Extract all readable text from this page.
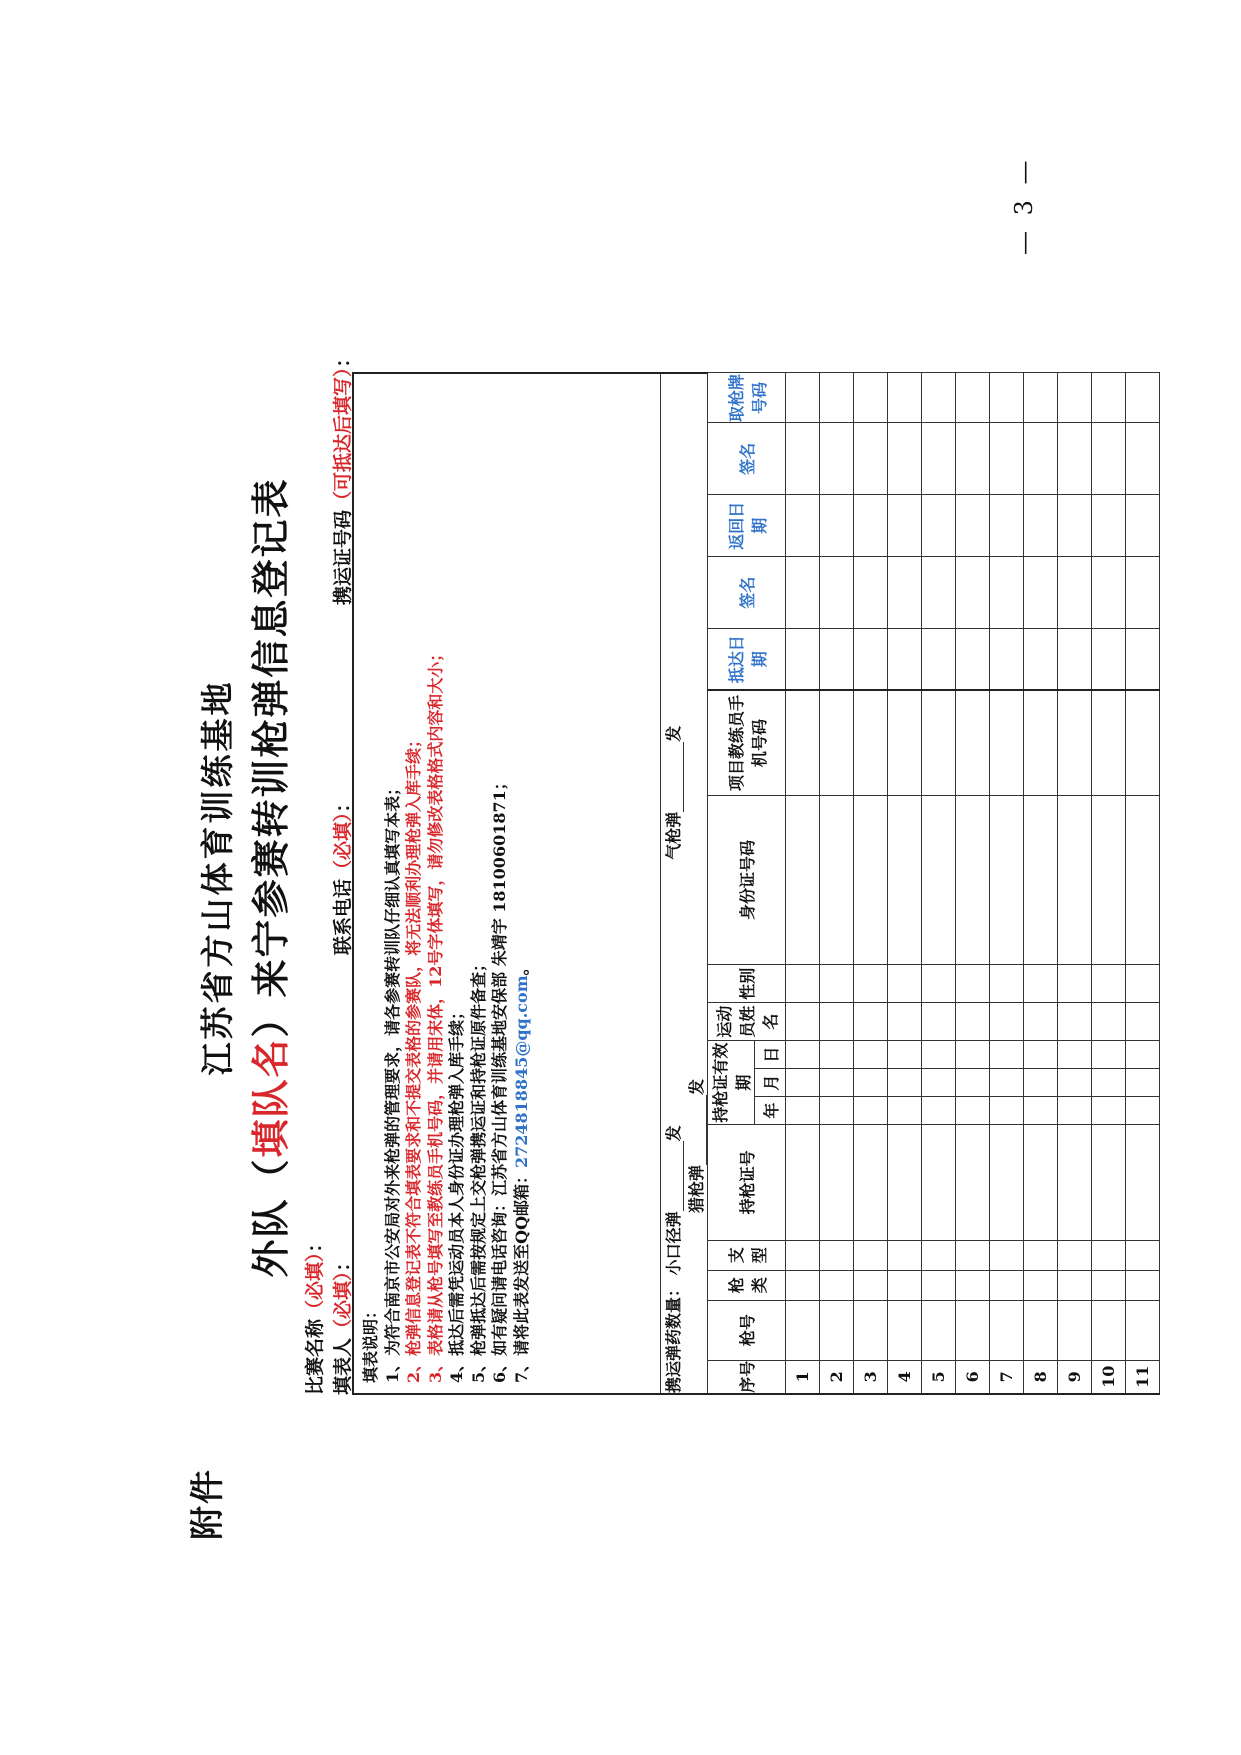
附件
江苏省方山体育训练基地
外队（填队名）来宁参赛转训枪弹信息登记表
比赛名称（必填）：
填表人（必填）：
联系电话（必填）：
携运证号码（可抵达后填写）：
填表说明： 1、为符合南京市公安局对外来枪弹的管理要求，请各参赛转训队仔细认真填写本表； 2、枪弹信息登记表不符合填表要求和不提交表格的参赛队，将无法顺利办理枪弹入库手续； 3、表格请从枪号填写至教练员手机号码，并请用宋体，12号字体填写，请勿修改表格格式内容和大小； 4、抵达后需凭运动员本人身份证办理枪弹入库手续； 5、枪弹抵达后需按规定上交枪弹携运证和持枪证原件备查； 6、如有疑问请电话咨询：江苏省方山体育训练基地安保部 朱靖宇 18100601871； 7、请将此表发送至QQ邮箱：2724818845@qq.com。
携运弹药数量： 小口径弹发 气枪弹发 猎枪弹发																
序号	枪号	枪类	支型	持枪证号	持枪证有效期			运动员姓名	性别	身份证号码	项目教练员手机号码	抵达日期	签名	返回日期	签名	取枪牌号码
					年	月	日									
1																
2																
3																
4																
5																
6																
7																
8																
9																
10																
11																
— 3 —
